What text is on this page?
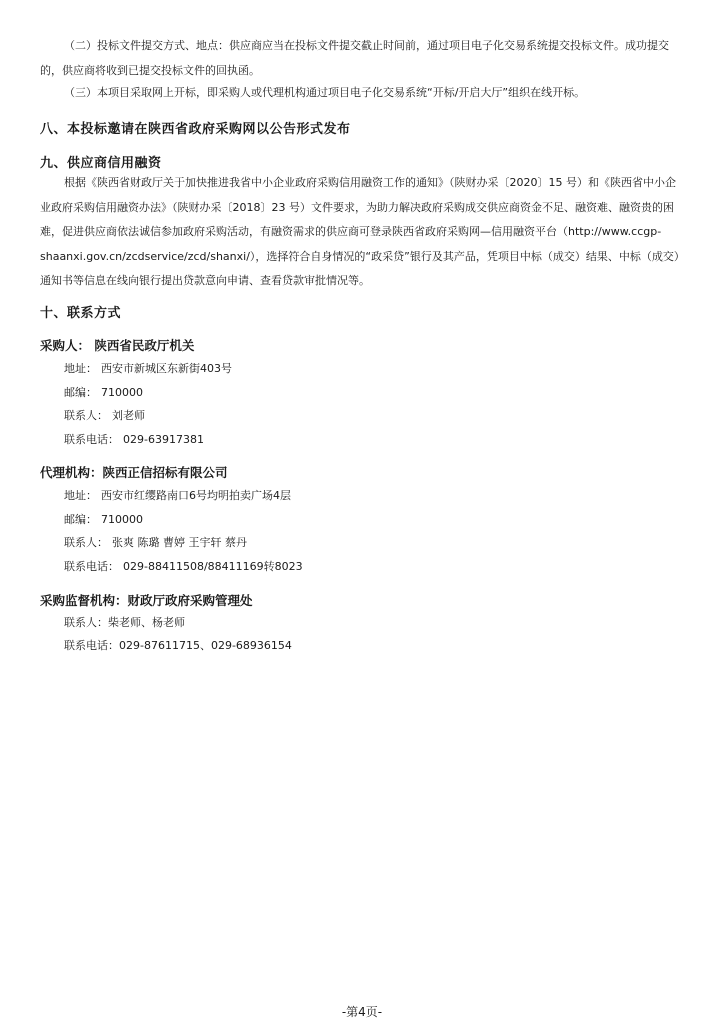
（二）投标文件提交方式、地点：供应商应当在投标文件提交截止时间前，通过项目电子化交易系统提交投标文件。成功提交的，供应商将收到已提交投标文件的回执函。

（三）本项目采取网上开标，即采购人或代理机构通过项目电子化交易系统“开标/开启大厅”组织在线开标。

八、本投标邀请在陕西省政府采购网以公告形式发布
九、供应商信用融资

根据《陕西省财政厅关于加快推进我省中小企业政府采购信用融资工作的通知》（陕财办采〔2020〕15 号）和《陕西省中小企业政府采购信用融资办法》（陕财办采〔2018〕23 号）文件要求，为助力解决政府采购成交供应商资金不足、融资难、融资贵的困难，促进供应商依法诚信参加政府采购活动，有融资需求的供应商可登录陕西省政府采购网—信用融资平台（http://www.ccgp-shaanxi.gov.cn/zcdservice/zcd/shanxi/），选择符合自身情况的“政采贷”银行及其产品，凭项目中标（成交）结果、中标（成交）通知书等信息在线向银行提出贷款意向申请、查看贷款审批情况等。

十、联系方式
采购人： 陕西省民政厅机关
地址： 西安市新城区东新街403号
邮编： 710000
联系人： 刘老师
联系电话： 029-63917381
代理机构：陕西正信招标有限公司
地址： 西安市红缨路南口6号均明拍卖广场4层
邮编： 710000
联系人： 张爽 陈璐 曹婷 王宇轩 蔡丹
联系电话： 029-88411508/88411169转8023
采购监督机构：财政厅政府采购管理处
联系人：柴老师、杨老师
联系电话：029-87611715、029-68936154
-第4页-
